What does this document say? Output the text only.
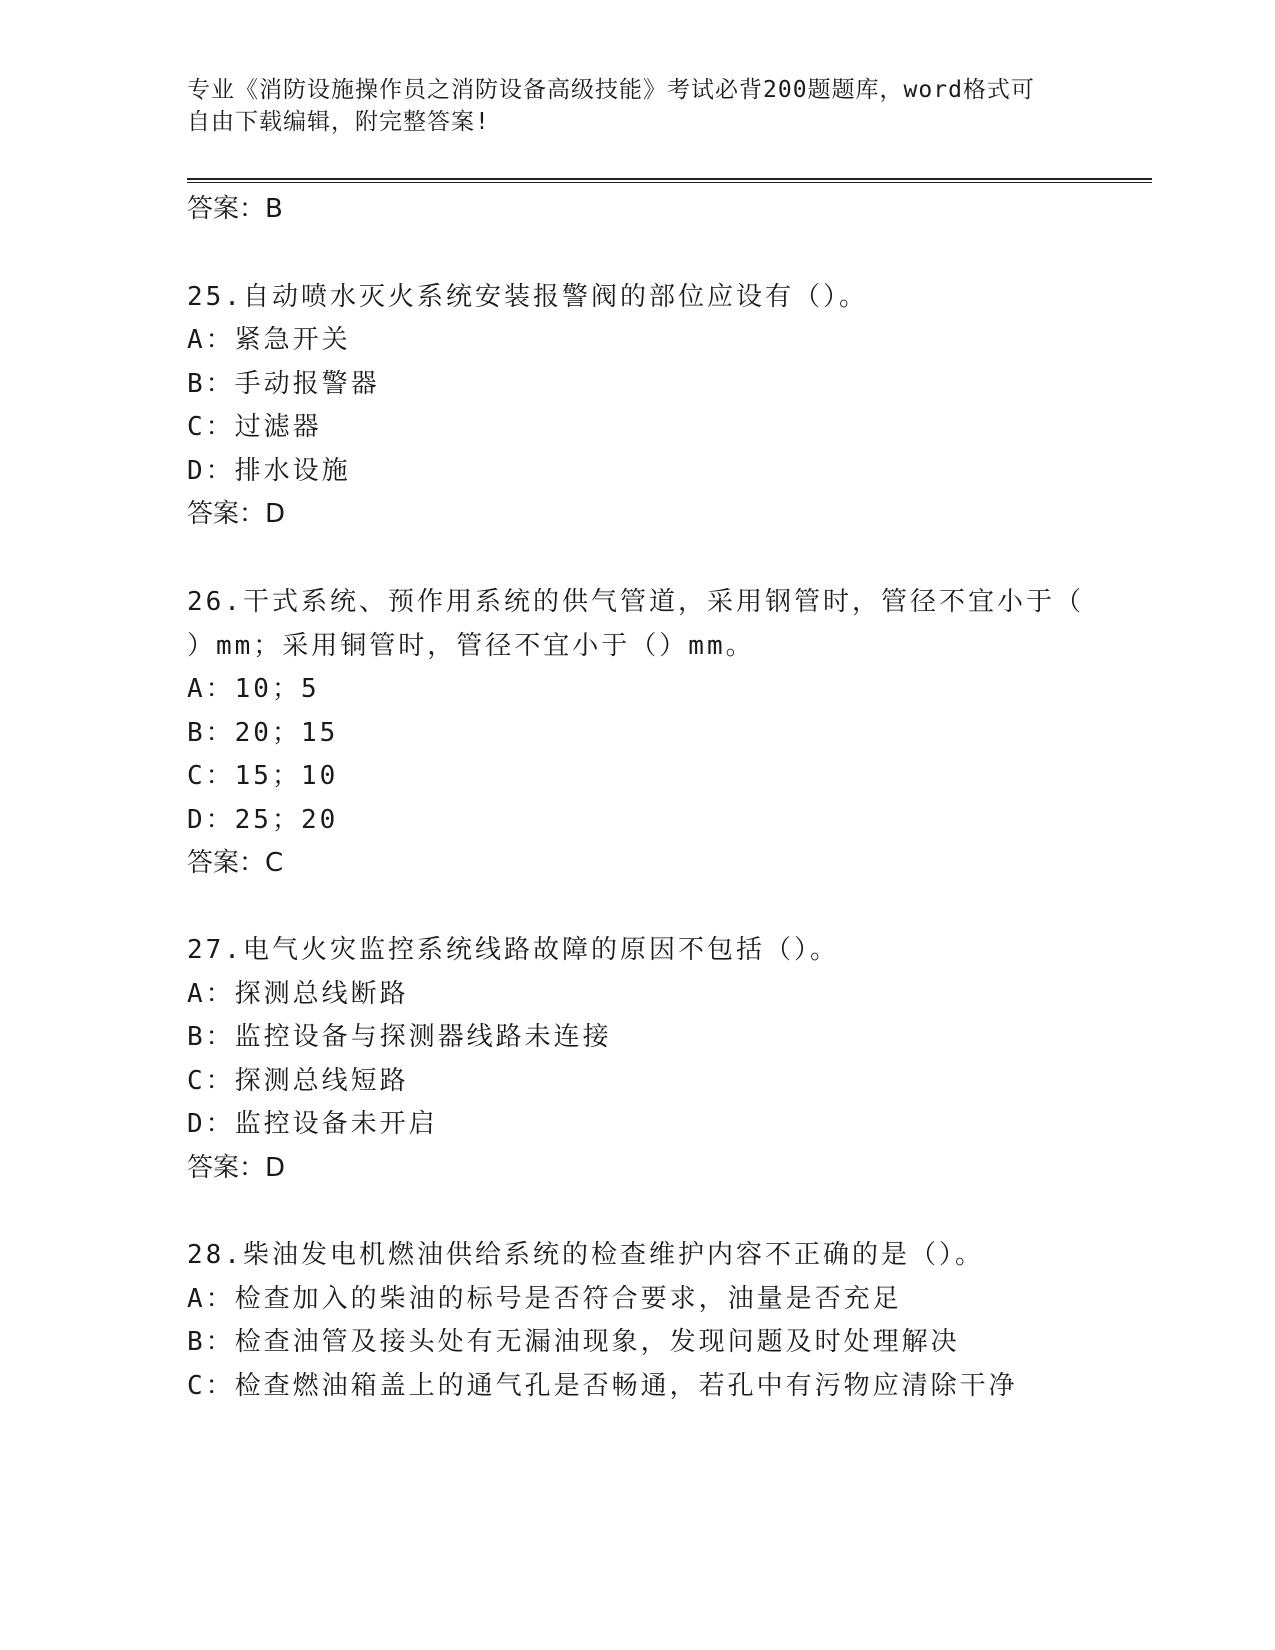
专业《消防设施操作员之消防设备高级技能》考试必背200题题库，word格式可
自由下载编辑，附完整答案!
答案：B
25.自动喷水灭火系统安装报警阀的部位应设有（）。
A：紧急开关
B：手动报警器
C：过滤器
D：排水设施
答案：D
26.干式系统、预作用系统的供气管道，采用钢管时，管径不宜小于（
）mm；采用铜管时，管径不宜小于（）mm。
A：10；5
B：20；15
C：15；10
D：25；20
答案：C
27.电气火灾监控系统线路故障的原因不包括（）。
A：探测总线断路
B：监控设备与探测器线路未连接
C：探测总线短路
D：监控设备未开启
答案：D
28.柴油发电机燃油供给系统的检查维护内容不正确的是（）。
A：检查加入的柴油的标号是否符合要求，油量是否充足
B：检查油管及接头处有无漏油现象，发现问题及时处理解决
C：检查燃油箱盖上的通气孔是否畅通，若孔中有污物应清除干净
